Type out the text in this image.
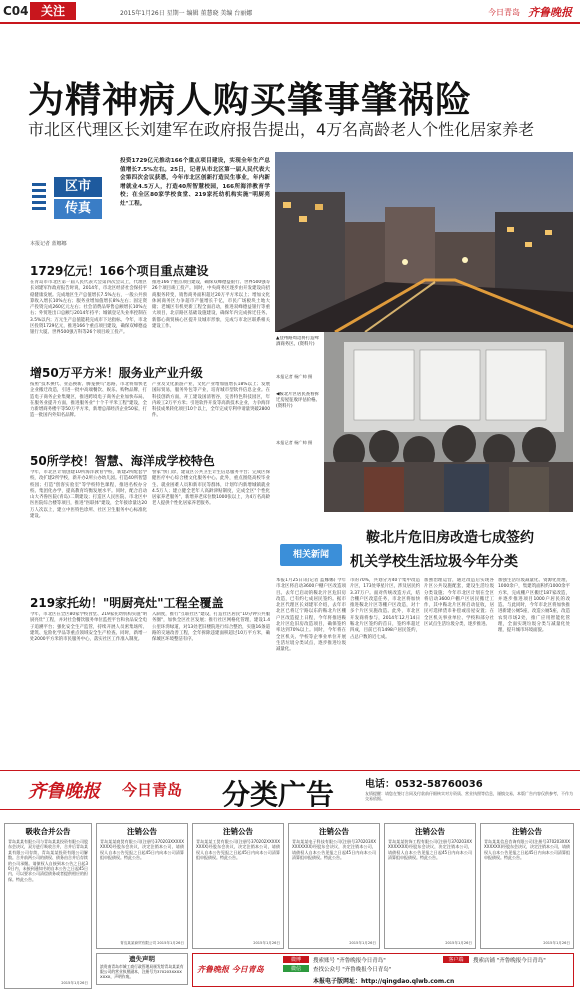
C04	关注	2015年1月26日 星期一 编辑 董慧晓 美编 台丽娜	今日青岛 齐鲁晚报
为精神病人购买肇事肇祸险
市北区代理区长刘建军在政府报告提出，4万名高龄老人个性化居家养老
区市
传真
投资1729亿元推动166个重点项目建设，实现全年生产总值增长7.5%左右。25日，记者从市北区第一届人民代表大会第四次会议获悉，今年市北区创新打造民生事业，年内新增就业4.5万人，打造40所智慧校园，166所海洋教育学校；在全区80家学校食堂、219家托幼机构实施"明厨亮灶"工程。
本报记者 蓝娜娜
▲登州路周边将打造啤酒商务区。(资料片)
本报记者 杨广帅 摄
◀鞍北片区居民查看拆迁房屋征收评估价格。(资料片)
本报记者 杨广帅 摄
1729亿元！166个项目重点建设
在青岛市市北区第一届人民代表大会第四次会议上，代理区长刘建军作政府报告时说，2014年，市北区经济社会保持平稳健康发展。完成地区生产总值增长7.5%左右，一般公共预算收入增长10%左右；服务业增加值增长8%左右；固定资产投资完成260亿元左右；社会消费品零售总额增长10%左右；外贸进出口总额与2014年持平；城镇登记失业率控制在3.5%以内；万元生产总值能耗完成市下达指标。今年，市北区投资1729亿元，推进166个重点项目建设，确保双峰德益银行大厦、世界500强万科等26个项目竣工投产。
推进166个重点项目建设，确保双峰德益银行、世界500强等26个项目竣工投产。同时，中央商务区逐步由开发建设向招商服务转变，销售商务面积超过20万平方米以上；增加文化休闲商务区力争超市产值增长千亿，市民广场板块土地大储；老城区有机更新工程全面启动，推进双峰德益银行等重大项目，北京路区基础设施建设，确保年内完成拆迁任务。新都心商贸核心区提升及城市形象，完成与市北区联系相关建设工作。
增50万平方米！服务业产业升级
按照"技术换代、业态换新、腾笼换鸟"思路，市北将加快老企业搬迁改造，引进一批中高端餐饮、娱乐、购物品牌，打造电子商务企业集聚区，推进跨境电子商务企业加快布局。在服务业提升方面，推进服务业"十个千平米工程"建设，全力新增商务楼宇等50万平方米，新增总部经济企业50家，打造一批国内外知名品牌。
产业及文化旅游产业，文化产业增加值增长18%以上；发展国际贸易，服务外包等产业，培育城市型软件信息企业。在科技创新方面，开工建设国清智谷，完善特色科技园区，年内竣工2万平方米；引进软件开发等高新技术企业，力争海洋科技成果转化项目10个以上，全年完成专利申请量突破2800件。
50所学校！智慧、海洋成学校特色
今年，市北区计划创建10所海洋教育学校，新建2所配套学校，改扩建2所学校，新开办2所公办幼儿园。打造40所智慧校园；打造"创客实验室"等学校特色课程，推进名校办分校、集团化办学，提高教育均衡发展水平。同时，配合启动山大齐鲁医院(青岛)二期建设；打造区人民医院、市北区中医医院综合楼等项目，推进"医联体"建设，全年接诊量达20万人次以上，建立中医特色诊所、社区卫生服务中心标准化建设。
警家"快门诊，建设区公共卫生计生信息服务平台；完成区保健医疗中心综合楼文化服务中心。此外，重点围绕高校毕业生、就业困难人员和新市民等群体，计划年内新增城镇就业4.5万人；建立健全老年人高龄津贴制度，完成全区"个性化居家养老服务"，新增养老床位数1000张以上，为4万名高龄老人提供个性化居家养老服务。
219家托幼！"明厨亮灶"工程全覆盖
今年，市北区在全区80家学校食堂、219家托幼机构实施"明厨亮灶"工程，并对社会餐饮服务单位监控平台和食品安全电子追溯平台；强化安全生产监管，持续开展人员密集场所、建筑、危险化学品等重点领域安全生产检查。同时，新增一处2000平方米的市民服务中心，落实社区工作准入制度。
入制度，推行"互联社区"建设，打造社区居民"10分钟公共服务圈"，加快全区社区发展；推行社区网格化管理，建设1.4公里环湾绿道，对13处老旧楼院进行综合整治，实施16条道路的交通改善工程，全年拆除违建面积超过10万平方米，确保城区环境整洁有序。
相关新闻
鞍北片危旧房改造七成签约
机关学校生活垃圾今年分类
本报1月25日讯(记者 蓝娜娜) 今年市北区将启动3600户棚户区改造项目。去年已启动的鞍北片区危旧房改造，已有约七成居民签约。据市北区代理区长刘建军介绍，去年市北区已将辽宁路以东的鞍北片区棚户区改造提上日程，今年将推进鞍北片区危旧房改造项目，确保签约率达到70%以上。同时，今年将在全区机关、学校等企事业单位开展生活垃圾分类试点，逐步推进垃圾减量化。
市的70%，共划分为40个集中改造片区，173处零星片区，涉及居民约3.37万户。面对传统改造方式，结合棚户区改造任务，市北区将加快推进鞍北片区等棚户区改造，对十多个片区实施改造。此外，市北区开发商将参与，2014年12月14日鞍北片区签约的首日，签约率超过四成，目前已有1498户居民签约，占总户数的近七成。
加強治理运营，通过改造后实现各片区公共设施配套，建设生活垃圾分类设施；今年市北区计划在全区将启动3600户棚户区居民搬迁工作，其中鞍北片区将启动征收，居民可选择货币补偿或房屋安置；在全区机关事业单位、学校和部分社区试点生活垃圾分类，逐步推进。
加强生活垃圾减量化、资源化处理，1000余户，集建筑面积约1000余平方米，完成棚户区搬迁187家改造，并逐步推进项目1000户居民的改造。与此同时，今年市北区将加快推进新建公厕5座，改造公厕5座，改造农贸市场2处，推广应用智能化管理，全面实现垃圾分类与减量化处理，提升城市环境面貌。
齐鲁晚报 今日青岛 分类广告	电话：0532-58760036
友情提醒：请您在签订合同及付款前仔细核实对方资质、营业执照等信息，谨慎交易，本版广告内容仅供参考，不作为交易依据。
吸收合并公告
青岛某某有限公司与青岛某某投资有限公司股东会决议，双方进行吸收合并，合并后青岛某某有限公司存续，青岛某某投资有限公司解散。合并前两公司的债权、债务由合并后存续的公司承继。请债权人自接到本公告之日起30日内，未接到通知书的自本公告之日起45日内，可以要求公司清偿债务或者提供相应的担保。特此公告。
2015年1月26日
注销公告
青岛某某商贸有限公司(注册号370203XXXXXXXXX)经股东会决议，决定注销本公司，请债权人自本公告见报之日起45日内向本公司清算组申报债权。特此公告。
青岛某某商贸有限公司 2015年1月26日
注销公告
青岛某某工贸有限公司(注册号370202XXXXXXXXX)经股东会决议，决定注销本公司，请债权人自本公告见报之日起45日内向本公司清算组申报债权。特此公告。
2015年1月26日
注销公告
青岛某某电子科技有限公司(注册号370203XXXXXXXXX)经股东会决议，决定注销本公司，请债权人自本公告见报之日起45日内向本公司清算组申报债权。特此公告。
2015年1月26日
注销公告
青岛某某装饰工程有限公司(注册号370203XXXXXXXXX)经股东会决议，决定注销本公司，请债权人自本公告见报之日起45日内向本公司清算组申报债权。特此公告。
2015年1月26日
注销公告
青岛某某信息咨询有限公司(注册号370203XXXXXXXXX)经股东会决议，决定注销本公司，请债权人自本公告见报之日起45日内向本公司清算组申报债权。特此公告。
2015年1月26日
遗失声明
滨贵南青岛市城工商行政管理局颁发给青岛某某有限公司的营业执照副本，注册号为370203XXXXXXXX，声明作废。
齐鲁晚报 今日青岛
微博	搜索账号 "齐鲁晚报今日青岛"
微信	查找公众号 "齐鲁晚报今日青岛"
客户端	搜索店铺 "齐鲁晚报今日青岛"
本报电子版网址：http://qingdao.qlwb.com.cn
